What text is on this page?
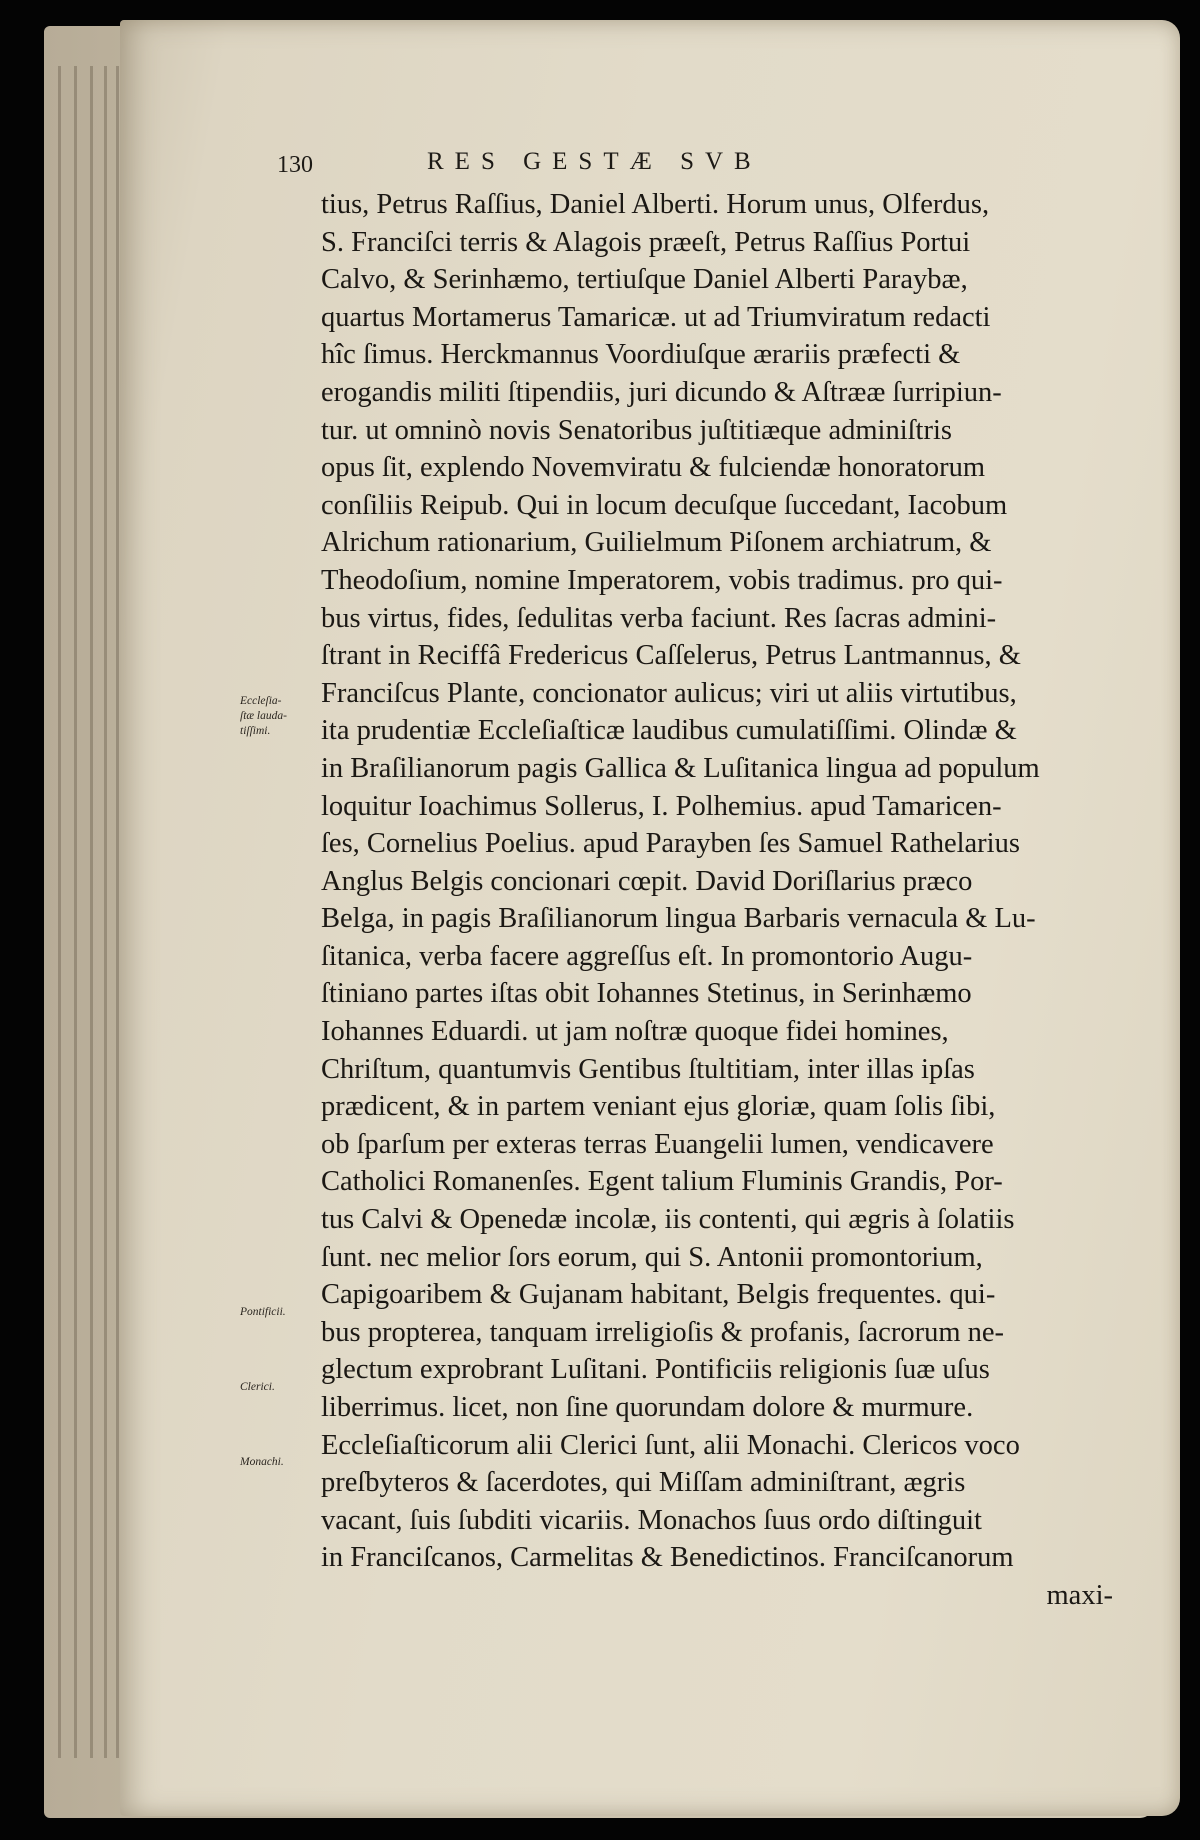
130	RES GESTÆ SVB
tius, Petrus Raſſius, Daniel Alberti. Horum unus, Olferdus,
S. Franciſci terris & Alagois præeſt, Petrus Raſſius Portui
Calvo, & Serinhæmo, tertiuſque Daniel Alberti Paraybæ,
quartus Mortamerus Tamaricæ. ut ad Triumviratum redacti
hîc ſimus. Herckmannus Voordiuſque ærariis præfecti &
erogandis militi ſtipendiis, juri dicundo & Aſtrææ ſurripiun-
tur. ut omninò novis Senatoribus juſtitiæque adminiſtris
opus ſit, explendo Novemviratu & fulciendæ honoratorum
conſiliis Reipub. Qui in locum decuſque ſuccedant, Iacobum
Alrichum rationarium, Guilielmum Piſonem archiatrum, &
Theodoſium, nomine Imperatorem, vobis tradimus. pro qui-
bus virtus, fides, ſedulitas verba faciunt. Res ſacras admini-
ſtrant in Reciffâ Fredericus Caſſelerus, Petrus Lantmannus, &
Franciſcus Plante, concionator aulicus; viri ut aliis virtutibus,
ita prudentiæ Eccleſiaſticæ laudibus cumulatiſſimi. Olindæ &
in Braſilianorum pagis Gallica & Luſitanica lingua ad populum
loquitur Ioachimus Sollerus, I. Polhemius. apud Tamaricen-
ſes, Cornelius Poelius. apud Parayben ſes Samuel Rathelarius
Anglus Belgis concionari cœpit. David Doriſlarius præco
Belga, in pagis Braſilianorum lingua Barbaris vernacula & Lu-
ſitanica, verba facere aggreſſus eſt. In promontorio Augu-
ſtiniano partes iſtas obit Iohannes Stetinus, in Serinhæmo
Iohannes Eduardi. ut jam noſtræ quoque fidei homines,
Chriſtum, quantumvis Gentibus ſtultitiam, inter illas ipſas
prædicent, & in partem veniant ejus gloriæ, quam ſolis ſibi,
ob ſparſum per exteras terras Euangelii lumen, vendicavere
Catholici Romanenſes. Egent talium Fluminis Grandis, Por-
tus Calvi & Openedæ incolæ, iis contenti, qui ægris à ſolatiis
ſunt. nec melior ſors eorum, qui S. Antonii promontorium,
Capigoaribem & Gujanam habitant, Belgis frequentes. qui-
bus propterea, tanquam irreligioſis & profanis, ſacrorum ne-
glectum exprobrant Luſitani. Pontificiis religionis ſuæ uſus
liberrimus. licet, non ſine quorundam dolore & murmure.
Eccleſiaſticorum alii Clerici ſunt, alii Monachi. Clericos voco
preſbyteros & ſacerdotes, qui Miſſam adminiſtrant, ægris
vacant, ſuis ſubditi vicariis. Monachos ſuus ordo diſtinguit
in Franciſcanos, Carmelitas & Benedictinos. Franciſcanorum
maxi-
Eccleſia-
ſtæ lauda-
tiſſimi.
Pontificii.
Clerici.
Monachi.
